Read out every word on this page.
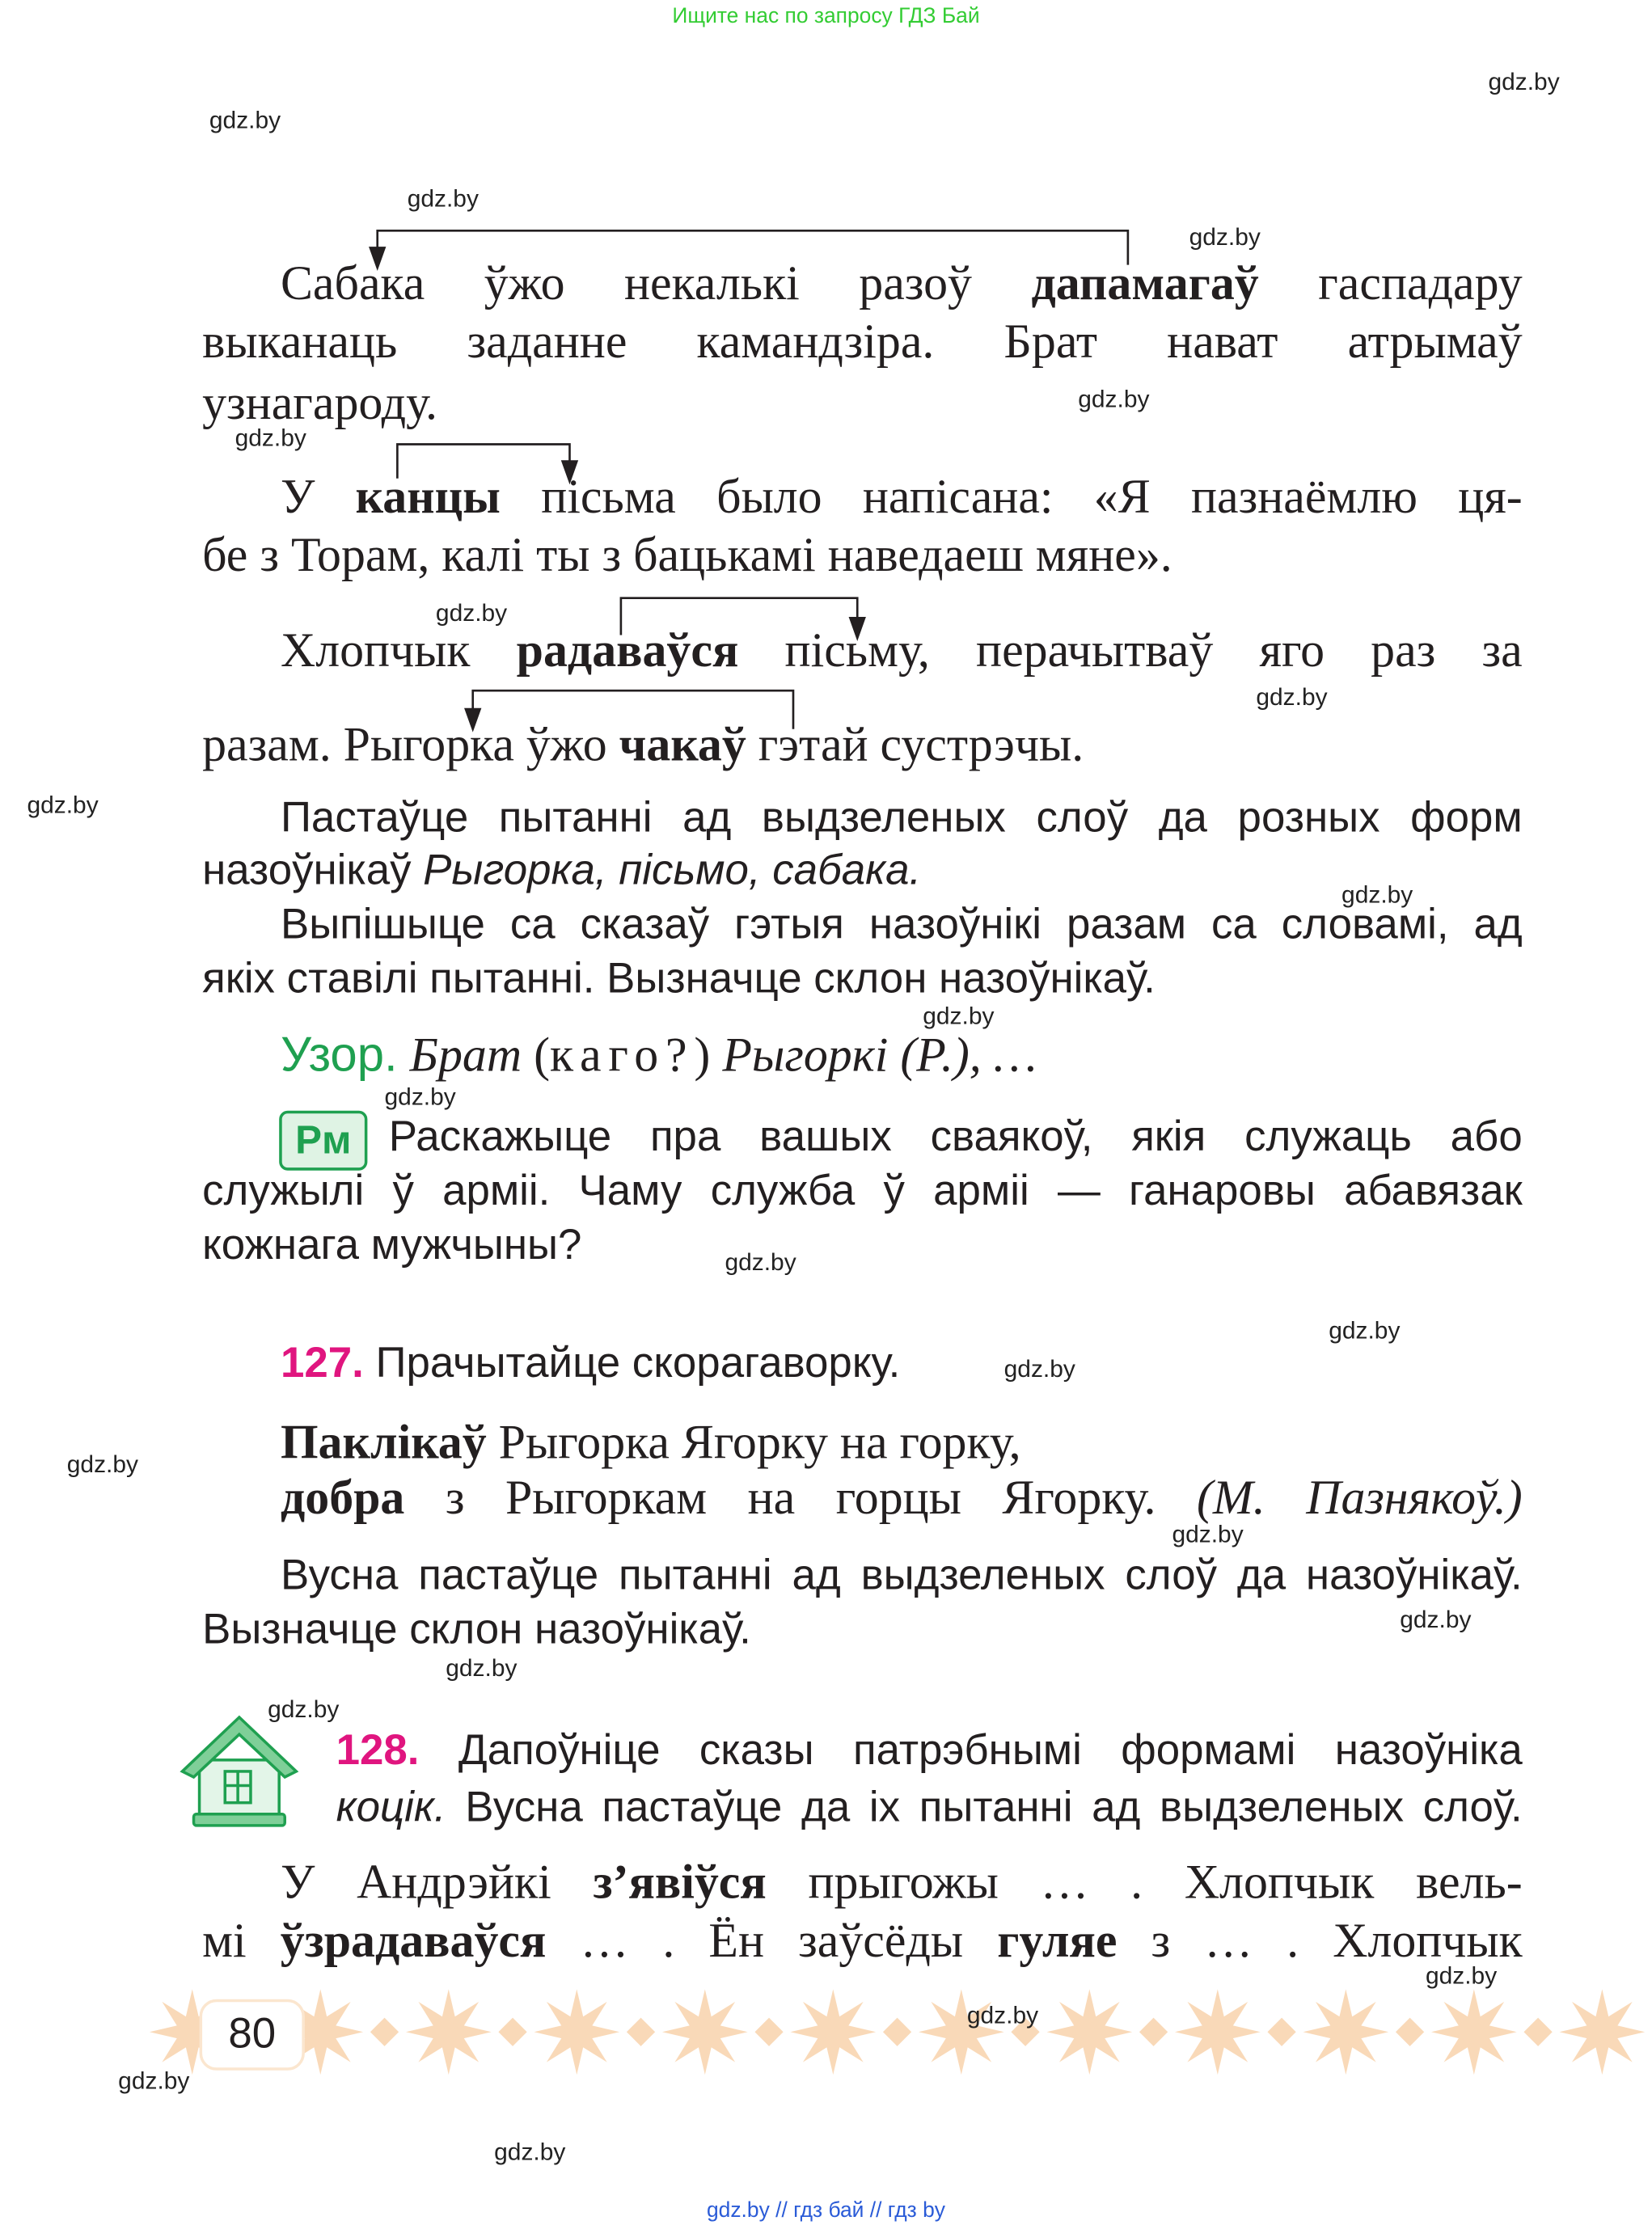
Ищите нас по запросу ГДЗ Бай
Сабака ўжо некалькі разоў дапамагаў гаспадару
выканаць заданне камандзіра. Брат нават атрымаў
узнагароду.
У канцы пісьма было напісана: «Я пазнаёмлю ця-
бе з Торам, калі ты з бацькамі наведаеш мяне».
Хлопчык радаваўся пісьму, перачытваў яго раз за
разам. Рыгорка ўжо чакаў гэтай сустрэчы.
Пастаўце пытанні ад выдзеленых слоў да розных форм
назоўнікаў Рыгорка, пісьмо, сабака.
Выпішыце са сказаў гэтыя назоўнікі разам са словамі, ад
якіх ставілі пытанні. Вызначце склон назоўнікаў.
Узор. Брат (каго?) Рыгоркі (Р.), …
Рм	Раскажыце пра вашых сваякоў, якія служаць або
служылі ў арміі. Чаму служба ў арміі — ганаровы абавязак
кожнага мужчыны?
127. Прачытайце скорагаворку.
Паклікаў Рыгорка Ягорку на горку,
добра з Рыгоркам на горцы Ягорку. (М. Пазнякоў.)
Вусна пастаўце пытанні ад выдзеленых слоў да назоўнікаў.
Вызначце склон назоўнікаў.
128. Дапоўніце сказы патрэбнымі формамі назоўніка
коцік. Вусна пастаўце да іх пытанні ад выдзеленых слоў.
У Андрэйкі з’явіўся прыгожы … . Хлопчык вель-
мі ўзрадаваўся … . Ён заўсёды гуляе з … . Хлопчык
80
gdz.by
gdz.by
gdz.by
gdz.by
gdz.by
gdz.by
gdz.by
gdz.by
gdz.by
gdz.by
gdz.by
gdz.by
gdz.by
gdz.by
gdz.by
gdz.by
gdz.by
gdz.by
gdz.by
gdz.by
gdz.by
gdz.by
gdz.by
gdz.by
gdz.by // гдз бай // гдз by
